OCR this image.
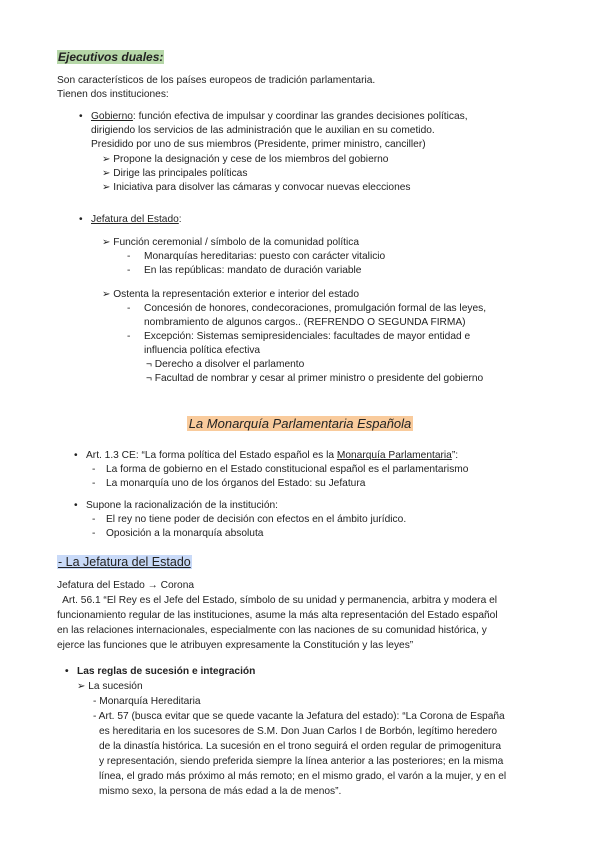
Ejecutivos duales:
Son característicos de los países europeos de tradición parlamentaria.
Tienen dos instituciones:
• Gobierno: función efectiva de impulsar y coordinar las grandes decisiones políticas,
dirigiendo los servicios de las administración que le auxilian en su cometido.
Presidido por uno de sus miembros (Presidente, primer ministro, canciller)
➢ Propone la designación y cese de los miembros del gobierno
➢ Dirige las principales políticas
➢ Iniciativa para disolver las cámaras y convocar nuevas elecciones
• Jefatura del Estado:
➢ Función ceremonial / símbolo de la comunidad política
- Monarquías hereditarias: puesto con carácter vitalicio
- En las repúblicas: mandato de duración variable
➢ Ostenta la representación exterior e interior del estado
- Concesión de honores, condecoraciones, promulgación formal de las leyes,
nombramiento de algunos cargos.. (REFRENDO O SEGUNDA FIRMA)
- Excepción: Sistemas semipresidenciales: facultades de mayor entidad e
influencia política efectiva
¬ Derecho a disolver el parlamento
¬ Facultad de nombrar y cesar al primer ministro o presidente del gobierno
La Monarquía Parlamentaria Española
• Art. 1.3 CE: “La forma política del Estado español es la Monarquía Parlamentaria”:
- La forma de gobierno en el Estado constitucional español es el parlamentarismo
- La monarquía uno de los órganos del Estado: su Jefatura
• Supone la racionalización de la institución:
- El rey no tiene poder de decisión con efectos en el ámbito jurídico.
- Oposición a la monarquía absoluta
- La Jefatura del Estado
Jefatura del Estado → Corona
Art. 56.1 “El Rey es el Jefe del Estado, símbolo de su unidad y permanencia, arbitra y modera el
funcionamiento regular de las instituciones, asume la más alta representación del Estado español
en las relaciones internacionales, especialmente con las naciones de su comunidad histórica, y
ejerce las funciones que le atribuyen expresamente la Constitución y las leyes”
• Las reglas de sucesión e integración
➢ La sucesión
- Monarquía Hereditaria
- Art. 57 (busca evitar que se quede vacante la Jefatura del estado): “La Corona de España
es hereditaria en los sucesores de S.M. Don Juan Carlos I de Borbón, legítimo heredero
de la dinastía histórica. La sucesión en el trono seguirá el orden regular de primogenitura
y representación, siendo preferida siempre la línea anterior a las posteriores; en la misma
línea, el grado más próximo al más remoto; en el mismo grado, el varón a la mujer, y en el
mismo sexo, la persona de más edad a la de menos”.
